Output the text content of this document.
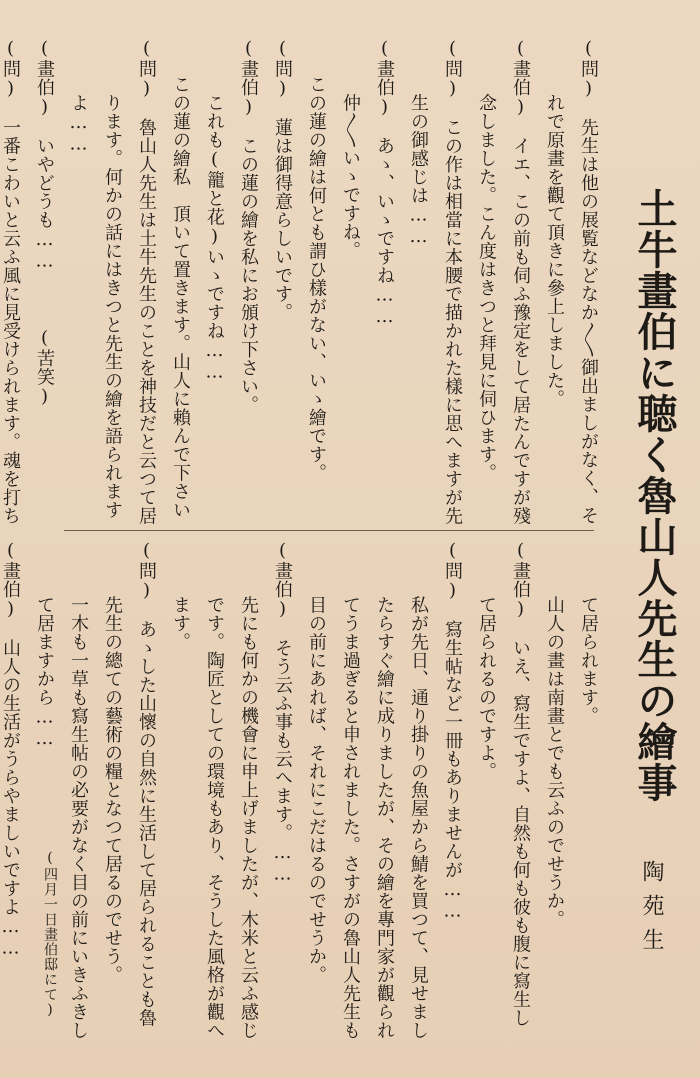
土牛畫伯に聴く魯山人先生の繪事
陶苑生
(問)　先生は他の展覧などなか〳〵御出ましがなく、そ
　　　れで原畫を觀て頂きに參上しました。
(畫伯)　イエ、この前も伺ふ豫定をして居たんですが殘
　　　念しました。こん度はきつと拜見に伺ひます。
(問)　この作は相當に本腰で描かれた樣に思へますが先
　　　生の御感じは……
(畫伯)　あゝ、いゝですね……
　　　仲〳〵いゝですね。
　　この蓮の繪は何とも謂ひ樣がない、いゝ繪です。
(問)　蓮は御得意らしいです。
(畫伯)　この蓮の繪を私にお頒け下さい。
　　　これも(籠と花)いゝですね……
　　この蓮の繪私　頂いて置きます。山人に賴んで下さい
(問)　魯山人先生は土牛先生のことを神技だと云つて居
　　　ります。何かの話にはきつと先生の繪を語られます
　　　よ……
(畫伯)　いやどうも……　　　(苦笑)
(問)　一番こわいと云ふ風に見受けられます。魂を打ち
　　　て居られます。
　　　山人の畫は南畫とでも云ふのでせうか。
(畫伯)　いえ、寫生ですよ、自然も何も彼も腹に寫生し
　　　て居られるのですよ。
(問)　寫生帖など一冊もありませんが……
　　　私が先日、通り掛りの魚屋から鯖を買つて、見せまし
　　　たらすぐ繪に成りましたが、その繪を專門家が觀られ
　　　てうま過ぎると申されました。さすがの魯山人先生も
　　　目の前にあれば、それにこだはるのでせうか。
(畫伯)　そう云ふ事も云へます。……
　　　先にも何かの機會に申上げましたが、木米と云ふ感じ
　　　です。陶匠としての環境もあり、そうした風格が觀へ
　　　ます。
(問)　あゝした山懷の自然に生活して居られることも魯
　　　先生の總ての藝術の糧となつて居るのでせう。
　　　一木も一草も寫生帖の必要がなく目の前にいきふきし
　　　て居ますから……
(畫伯)　山人の生活がうらやましいですよ……	(四月一日畫伯邸にて)
